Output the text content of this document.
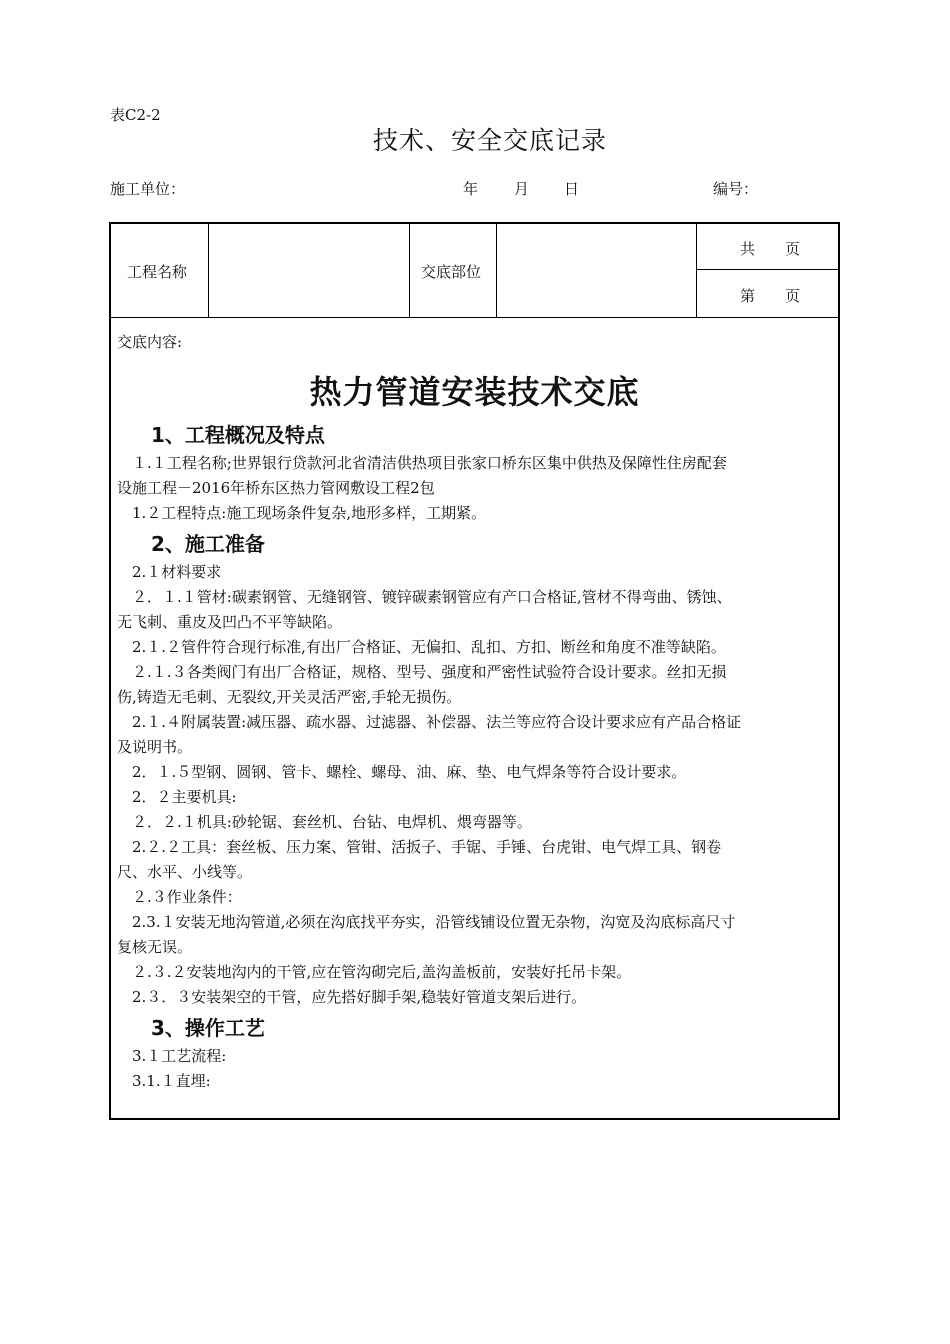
表C2-2
技术、安全交底记录
施工单位：	年 月 日	编号：
工程名称	交底部位
共　　页
第　　页

交底内容:

热力管道安装技术交底
1、工程概况及特点

　１.１工程名称;世界银行贷款河北省清洁供热项目张家口桥东区集中供热及保障性住房配套

设施工程－2016年桥东区热力管网敷设工程2包

　1.２工程特点:施工现场条件复杂,地形多样，工期紧。

2、施工准备

　2.１材料要求

　２．１.１管材:碳素钢管、无缝钢管、镀锌碳素钢管应有产口合格证,管材不得弯曲、锈蚀、

无飞刺、重皮及凹凸不平等缺陷。

　2.１.２管件符合现行标准,有出厂合格证、无偏扣、乱扣、方扣、断丝和角度不准等缺陷。

　２.１.３各类阀门有出厂合格证，规格、型号、强度和严密性试验符合设计要求。丝扣无损

伤,铸造无毛刺、无裂纹,开关灵活严密,手轮无损伤。

　2.１.４附属装置:减压器、疏水器、过滤器、补偿器、法兰等应符合设计要求应有产品合格证

及说明书。

　2．１.５型钢、圆钢、管卡、螺栓、螺母、油、麻、垫、电气焊条等符合设计要求。

　2．２主要机具:

　２．２.１机具:砂轮锯、套丝机、台钻、电焊机、煨弯器等。

　2.２.２工具：套丝板、压力案、管钳、活扳子、手锯、手锤、台虎钳、电气焊工具、钢卷

尺、水平、小线等。

　２.３作业条件：

　2.3.１安装无地沟管道,必须在沟底找平夯实，沿管线铺设位置无杂物，沟宽及沟底标高尺寸

复核无误。

　２.３.２安装地沟内的干管,应在管沟砌完后,盖沟盖板前，安装好托吊卡架。

　2.３．３安装架空的干管，应先搭好脚手架,稳装好管道支架后进行。

3、操作工艺

　3.１工艺流程:

　3.1.１直埋:
